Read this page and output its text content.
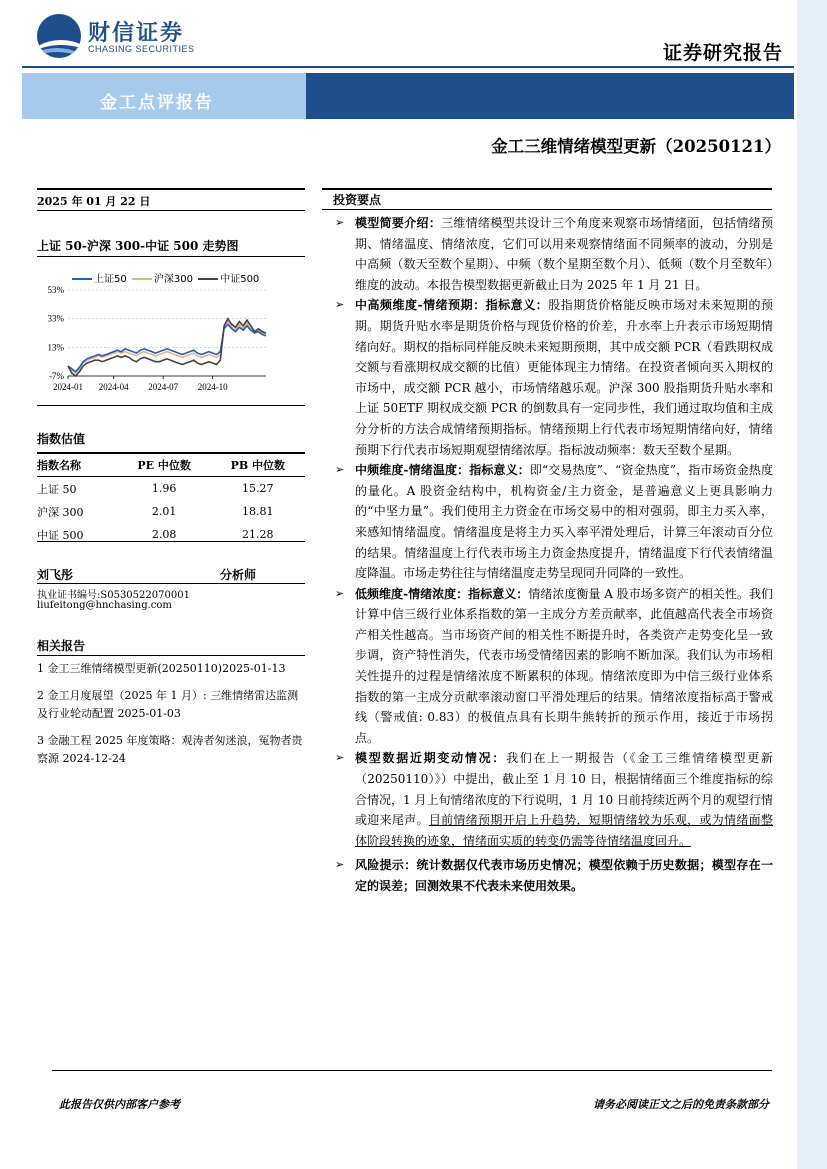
财信证券
CHASING SECURITIES	证券研究报告
金工点评报告
金工三维情绪模型更新（20250121）
2025 年 01 月 22 日
上证 50-沪深 300-中证 500 走势图
上证50	沪深300	中证500
53%
33%
13%
-7%
2024-01 2024-04 2024-07 2024-10
指数估值
指数名称	PE 中位数	PB 中位数
上证 50	1.96	15.27
沪深 300	2.01	18.81
中证 500	2.08	21.28
刘飞彤	分析师
执业证书编号:S0530522070001
liufeitong@hnchasing.com
相关报告
1 金工三维情绪模型更新(20250110)2025-01-13
2 金工月度展望（2025 年 1 月）: 三维情绪雷达监测及行业轮动配置 2025-01-03
3 金融工程 2025 年度策略：观涛者匆迷浪，冤物者贵察源 2024-12-24
投资要点
➢ 模型简要介绍：三维情绪模型共设计三个角度来观察市场情绪面，包括情绪预期、情绪温度、情绪浓度，它们可以用来观察情绪面不同频率的波动，分别是中高频（数天至数个星期）、中频（数个星期至数个月）、低频（数个月至数年）维度的波动。本报告模型数据更新截止日为 2025 年 1 月 21 日。
➢ 中高频维度-情绪预期：指标意义：股指期货价格能反映市场对未来短期的预期。期货升贴水率是期货价格与现货价格的价差，升水率上升表示市场短期情绪向好。期权的指标同样能反映未来短期预期，其中成交额 PCR（看跌期权成交额与看涨期权成交额的比值）更能体现主力情绪。在投资者倾向买入期权的市场中，成交额 PCR 越小，市场情绪越乐观。沪深 300 股指期货升贴水率和上证 50ETF 期权成交额 PCR 的倒数具有一定同步性，我们通过取均值和主成分分析的方法合成情绪预期指标。情绪预期上行代表市场短期情绪向好，情绪预期下行代表市场短期观望情绪浓厚。指标波动频率：数天至数个星期。
➢ 中频维度-情绪温度：指标意义：即“交易热度”、“资金热度”，指市场资金热度的量化。A 股资金结构中，机构资金/主力资金，是普遍意义上更具影响力的“中坚力量”。我们使用主力资金在市场交易中的相对强弱，即主力买入率，来感知情绪温度。情绪温度是将主力买入率平滑处理后，计算三年滚动百分位的结果。情绪温度上行代表市场主力资金热度提升，情绪温度下行代表情绪温度降温。市场走势往往与情绪温度走势呈现同升同降的一致性。
➢ 低频维度-情绪浓度：指标意义：情绪浓度衡量 A 股市场多资产的相关性。我们计算中信三级行业体系指数的第一主成分方差贡献率，此值越高代表全市场资产相关性越高。当市场资产间的相关性不断提升时，各类资产走势变化呈一致步调，资产特性消失，代表市场受情绪因素的影响不断加深。我们认为市场相关性提升的过程是情绪浓度不断累积的体现。情绪浓度即为中信三级行业体系指数的第一主成分贡献率滚动窗口平滑处理后的结果。情绪浓度指标高于警戒线（警戒值: 0.83）的极值点具有长期牛熊转折的预示作用，接近于市场拐点。
➢ 模型数据近期变动情况：我们在上一期报告（《金工三维情绪模型更新（20250110）》）中提出，截止至 1 月 10 日，根据情绪面三个维度指标的综合情况，1 月上旬情绪浓度的下行说明，1 月 10 日前持续近两个月的观望行情或迎来尾声。目前情绪预期开启上升趋势，短期情绪较为乐观，或为情绪面整体阶段转换的迹象，情绪面实质的转变仍需等待情绪温度回升。
➢ 风险提示：统计数据仅代表市场历史情况；模型依赖于历史数据；模型存在一定的误差；回测效果不代表未来使用效果。
此报告仅供内部客户参考	请务必阅读正文之后的免责条款部分
